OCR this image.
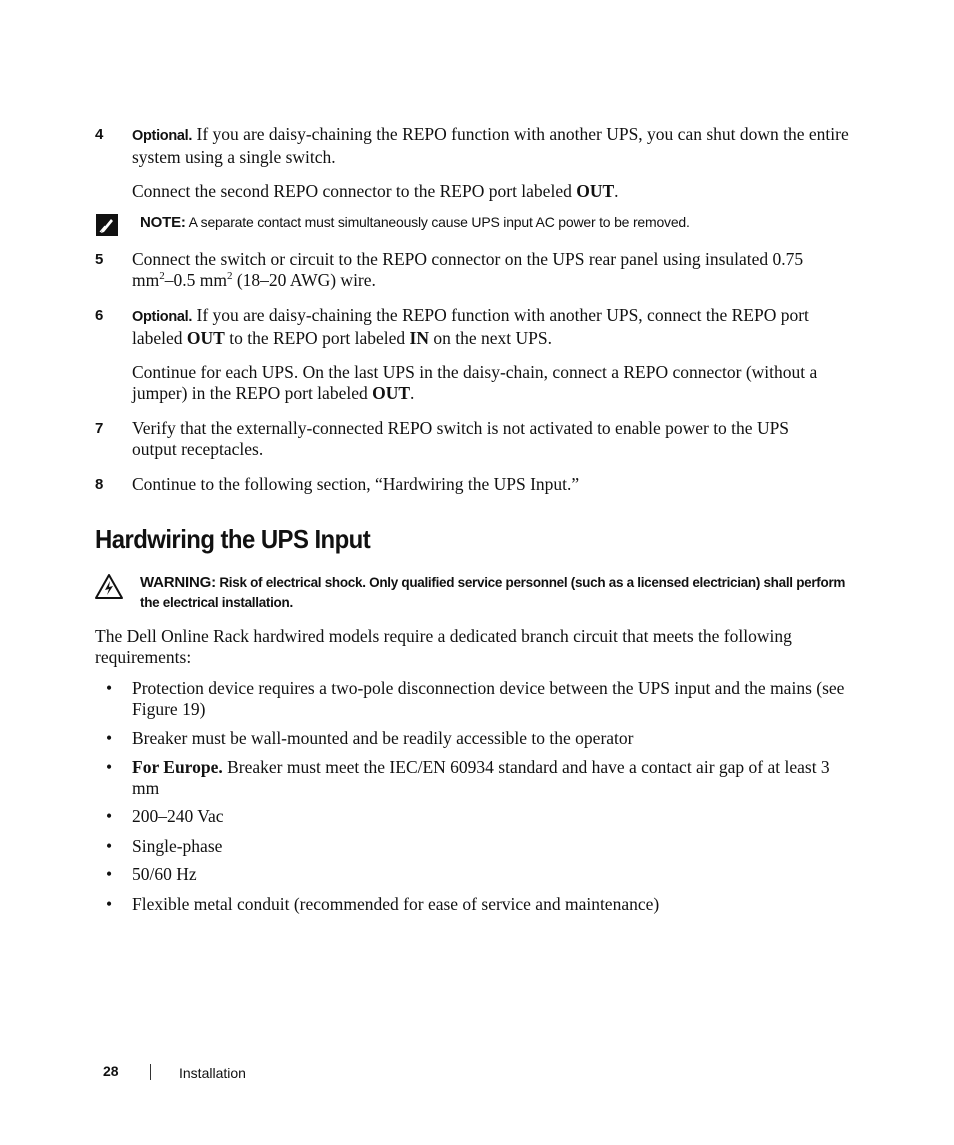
4 Optional. If you are daisy-chaining the REPO function with another UPS, you can shut down the entire system using a single switch.
Connect the second REPO connector to the REPO port labeled OUT.
NOTE: A separate contact must simultaneously cause UPS input AC power to be removed.
5 Connect the switch or circuit to the REPO connector on the UPS rear panel using insulated 0.75 $mm^2-0.5$ $mm^2$ (18–20 AWG) wire.
6 Optional. If you are daisy-chaining the REPO function with another UPS, connect the REPO port labeled OUT to the REPO port labeled IN on the next UPS.
Continue for each UPS. On the last UPS in the daisy-chain, connect a REPO connector (without a jumper) in the REPO port labeled OUT.
7 Verify that the externally-connected REPO switch is not activated to enable power to the UPS output receptacles.
8 Continue to the following section, “Hardwiring the UPS Input.”
Hardwiring the UPS Input
WARNING: Risk of electrical shock. Only qualified service personnel (such as a licensed electrician) shall perform the electrical installation.
The Dell Online Rack hardwired models require a dedicated branch circuit that meets the following requirements:
• Protection device requires a two-pole disconnection device between the UPS input and the mains (see Figure 19)
• Breaker must be wall-mounted and be readily accessible to the operator
• For Europe. Breaker must meet the IEC/EN 60934 standard and have a contact air gap of at least 3 mm
• 200–240 Vac
• Single-phase
• 50/60 Hz
• Flexible metal conduit (recommended for ease of service and maintenance)
28	Installation
